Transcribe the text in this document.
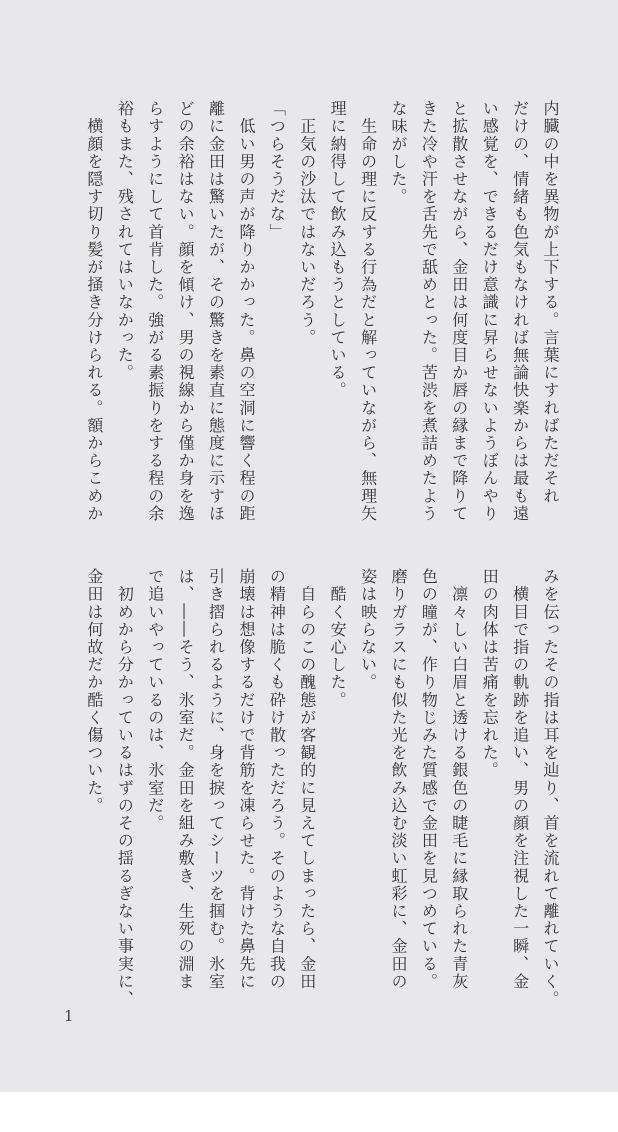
内臓の中を異物が上下する。言葉にすればただそれ

だけの、情緒も色気もなければ無論快楽からは最も遠

い感覚を、できるだけ意識に昇らせないようぼんやり

と拡散させながら、金田は何度目か唇の縁まで降りて

きた冷や汗を舌先で舐めとった。苦渋を煮詰めたよう

な味がした。

　生命の理に反する行為だと解っていながら、無理矢

理に納得して飲み込もうとしている。

　正気の沙汰ではないだろう。

「つらそうだな」

　低い男の声が降りかかった。鼻の空洞に響く程の距

離に金田は驚いたが、その驚きを素直に態度に示すほ

どの余裕はない。顔を傾け、男の視線から僅か身を逸

らすようにして首肯した。強がる素振りをする程の余

裕もまた、残されてはいなかった。

　横顔を隠す切り髪が掻き分けられる。額からこめか

みを伝ったその指は耳を辿り、首を流れて離れていく。

　横目で指の軌跡を追い、男の顔を注視した一瞬、金

田の肉体は苦痛を忘れた。

　凛々しい白眉と透ける銀色の睫毛に縁取られた青灰

色の瞳が、作り物じみた質感で金田を見つめている。

磨りガラスにも似た光を飲み込む淡い虹彩に、金田の

姿は映らない。

　酷く安心した。

　自らのこの醜態が客観的に見えてしまったら、金田

の精神は脆くも砕け散っただろう。そのような自我の

崩壊は想像するだけで背筋を凍らせた。背けた鼻先に

引き摺られるように、身を捩ってシーツを掴む。氷室

は、――そう、氷室だ。金田を組み敷き、生死の淵ま

で追いやっているのは、氷室だ。

　初めから分かっているはずのその揺るぎない事実に、

金田は何故だか酷く傷ついた。

1
